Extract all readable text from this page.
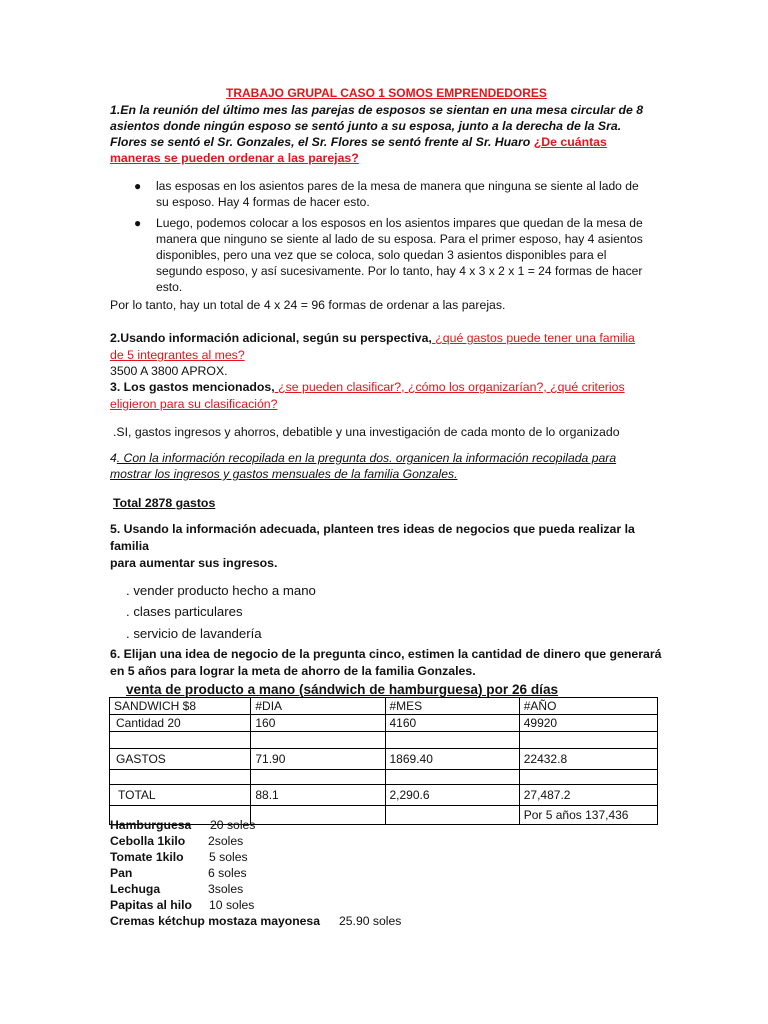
TRABAJO GRUPAL CASO 1 SOMOS EMPRENDEDORES
1.En la reunión del último mes las parejas de esposos se sientan en una mesa circular de 8 asientos donde ningún esposo se sentó junto a su esposa, junto a la derecha de la Sra. Flores se sentó el Sr. Gonzales, el Sr. Flores se sentó frente al Sr. Huaro ¿De cuántas maneras se pueden ordenar a las parejas?
● las esposas en los asientos pares de la mesa de manera que ninguna se siente al lado de su esposo. Hay 4 formas de hacer esto.
● Luego, podemos colocar a los esposos en los asientos impares que quedan de la mesa de manera que ninguno se siente al lado de su esposa. Para el primer esposo, hay 4 asientos disponibles, pero una vez que se coloca, solo quedan 3 asientos disponibles para el segundo esposo, y así sucesivamente. Por lo tanto, hay 4 x 3 x 2 x 1 = 24 formas de hacer esto.
Por lo tanto, hay un total de 4 x 24 = 96 formas de ordenar a las parejas.
2.Usando información adicional, según su perspectiva, ¿qué gastos puede tener una familia
de 5 integrantes al mes?
3500 A 3800 APROX.
3. Los gastos mencionados, ¿se pueden clasificar?, ¿cómo los organizarían?, ¿qué criterios
eligieron para su clasificación?
.SI, gastos ingresos y ahorros, debatible y una investigación de cada monto de lo organizado
4. Con la información recopilada en la pregunta dos. organicen la información recopilada para mostrar los ingresos y gastos mensuales de la familia Gonzales.
Total 2878 gastos
5. Usando la información adecuada, planteen tres ideas de negocios que pueda realizar la
familia
para aumentar sus ingresos.
. vender producto hecho a mano
. clases particulares
. servicio de lavandería
6. Elijan una idea de negocio de la pregunta cinco, estimen la cantidad de dinero que generará
en 5 años para lograr la meta de ahorro de la familia Gonzales.
venta de producto a mano (sándwich de hamburguesa) por 26 días
SANDWICH $8	#DIA	#MES	#AÑO
Cantidad 20	160	4160	49920

GASTOS	71.90	1869.40	22432.8

TOTAL	88.1	2,290.6	27,487.2
			Por 5 años 137,436
Hamburguesa 20 soles
Cebolla 1kilo 2soles
Tomate 1kilo 5 soles
Pan	6 soles
Lechuga	3soles
Papitas al hilo 10 soles
Cremas kétchup mostaza mayonesa 25.90 soles
